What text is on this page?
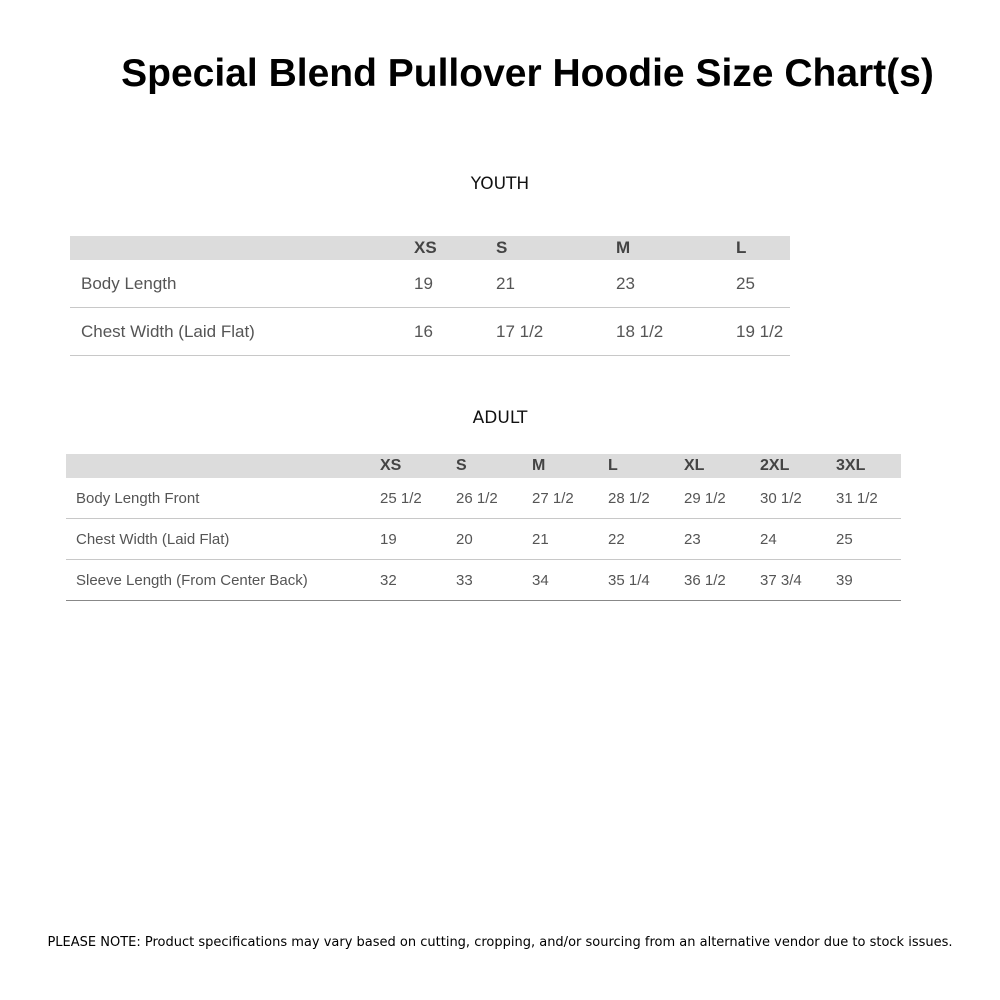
Special Blend Pullover Hoodie Size Chart(s)
YOUTH
	XS	S	M	L
Body Length	19	21	23	25
Chest Width (Laid Flat)	16	17 1/2	18 1/2	19 1/2
ADULT
	XS	S	M	L	XL	2XL	3XL
Body Length Front	25 1/2	26 1/2	27 1/2	28 1/2	29 1/2	30 1/2	31 1/2
Chest Width (Laid Flat)	19	20	21	22	23	24	25
Sleeve Length (From Center Back)	32	33	34	35 1/4	36 1/2	37 3/4	39
PLEASE NOTE: Product specifications may vary based on cutting, cropping, and/or sourcing from an alternative vendor due to stock issues.
